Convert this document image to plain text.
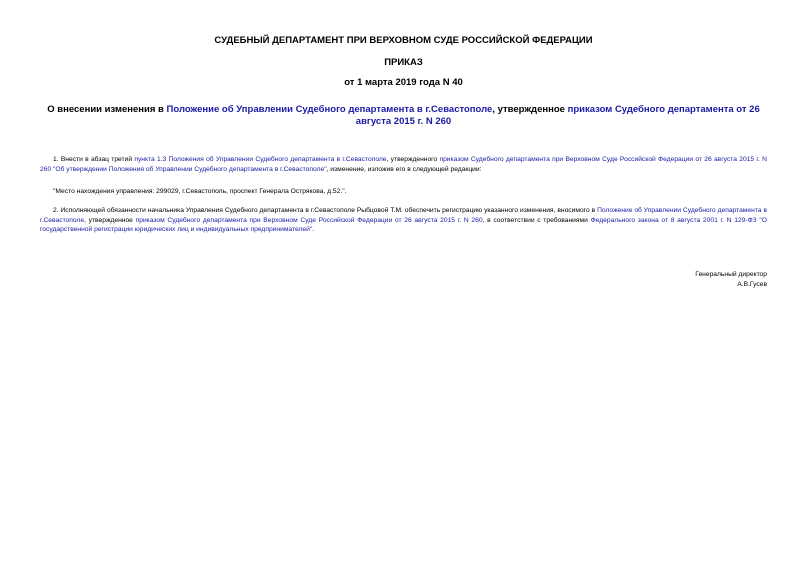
СУДЕБНЫЙ ДЕПАРТАМЕНТ ПРИ ВЕРХОВНОМ СУДЕ РОССИЙСКОЙ ФЕДЕРАЦИИ

ПРИКАЗ

от 1 марта 2019 года N 40

О внесении изменения в Положение об Управлении Судебного департамента в г.Севастополе, утвержденное приказом Судебного департамента от 26 августа 2015 г. N 260

1. Внести в абзац третий пункта 1.3 Положения об Управлении Судебного департамента в г.Севастополе, утвержденного приказом Судебного департамента при Верховном Суде Российской Федерации от 26 августа 2015 г. N 260 "Об утверждении Положения об Управлении Судебного департамента в г.Севастополе", изменение, изложив его в следующей редакции:

"Место нахождения управления: 299029, г.Севастополь, проспект Генерала Острякова, д.52.".

2. Исполняющей обязанности начальника Управления Судебного департамента в г.Севастополе Рыбцовой Т.М. обеспечить регистрацию указанного изменения, вносимого в Положение об Управлении Судебного департамента в г.Севастополе, утвержденное приказом Судебного департамента при Верховном Суде Российской Федерации от 26 августа 2015 г. N 260, в соответствии с требованиями Федерального закона от 8 августа 2001 г. N 129-ФЗ "О государственной регистрации юридических лиц и индивидуальных предпринимателей".

Генеральный директор
А.В.Гусев
